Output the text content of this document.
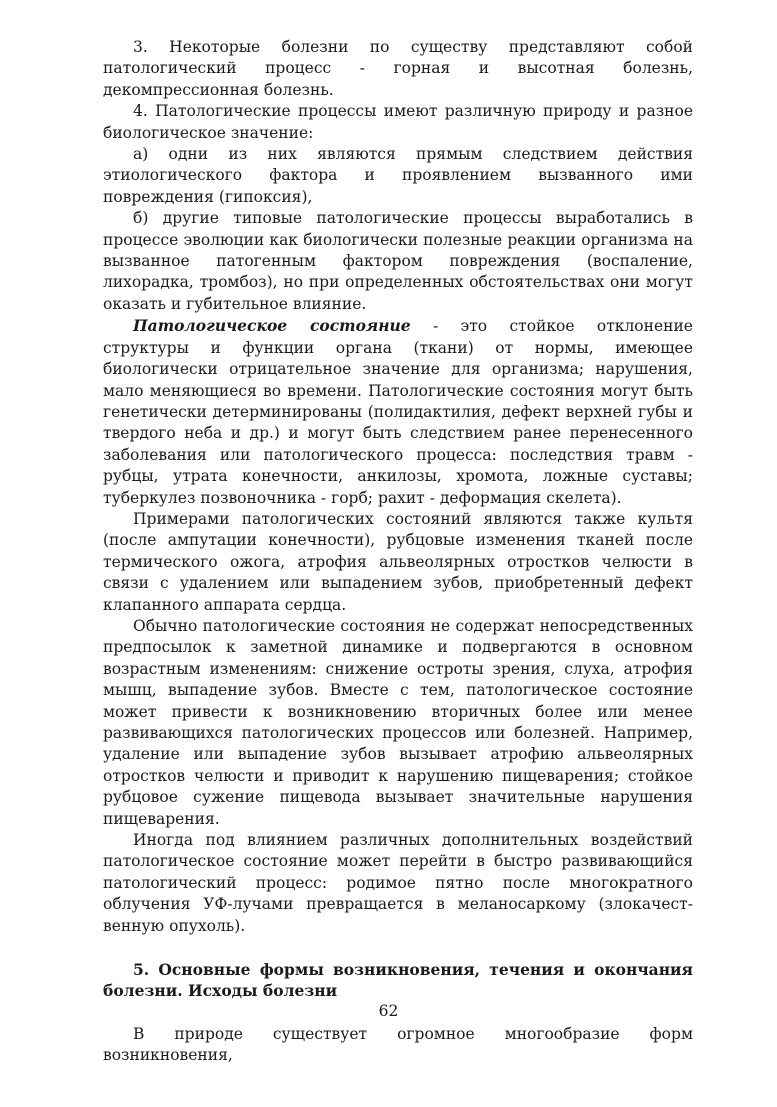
3. Некоторые болезни по существу представляют собой патологический процесс - горная и высотная болезнь, декомпрессионная болезнь.

4. Патологические процессы имеют различную природу и разное биологическое значение:

а) одни из них являются прямым следствием действия этиологического фактора и проявлением вызванного ими повреждения (гипоксия),

б) другие типовые патологические процессы выработались в процессе эволюции как биологически полезные реакции организма на вызванное патогенным фактором повреждения (воспаление, лихорадка, тромбоз), но при определенных обстоятельствах они могут оказать и губительное влияние.

Патологическое состояние - это стойкое отклонение структуры и функции органа (ткани) от нормы, имеющее биологически отрицательное значение для организма; нарушения, мало меняющиеся во времени. Патологические состояния могут быть генетически детерминированы (полидактилия, дефект верхней губы и твердого неба и др.) и могут быть следствием ранее перенесенного заболевания или патологического процесса: последствия травм - рубцы, утрата конечности, анкилозы, хромота, ложные суставы; туберкулез позвоночника - горб; рахит - деформация скелета).

Примерами патологических состояний являются также культя (после ампутации конечности), рубцовые изменения тканей после термического ожога, атрофия альвеолярных отростков челюсти в связи с удалением или выпадением зубов, приобретенный дефект клапанного аппарата сердца.

Обычно патологические состояния не содержат непосредственных предпосылок к заметной динамике и подвергаются в основном возрастным изменениям: снижение остроты зрения, слуха, атрофия мышц, выпадение зубов. Вместе с тем, патологическое состояние может привести к возникновению вторичных более или менее развивающихся патологических процессов или болезней. Например, удаление или выпадение зубов вызывает атрофию альвеолярных отростков челюсти и приводит к нарушению пищеварения; стойкое рубцовое сужение пищевода вызывает значительные нарушения пищеварения.

Иногда под влиянием различных дополнительных воздействий патологическое состояние может перейти в быстро развивающийся патологический процесс: родимое пятно после многократного облучения УФ-лучами превращается в меланосаркому (злокачест-венную опухоль).

5. Основные формы возникновения, течения и окончания болезни. Исходы болезни

В природе существует огромное многообразие форм возникновения,

62
